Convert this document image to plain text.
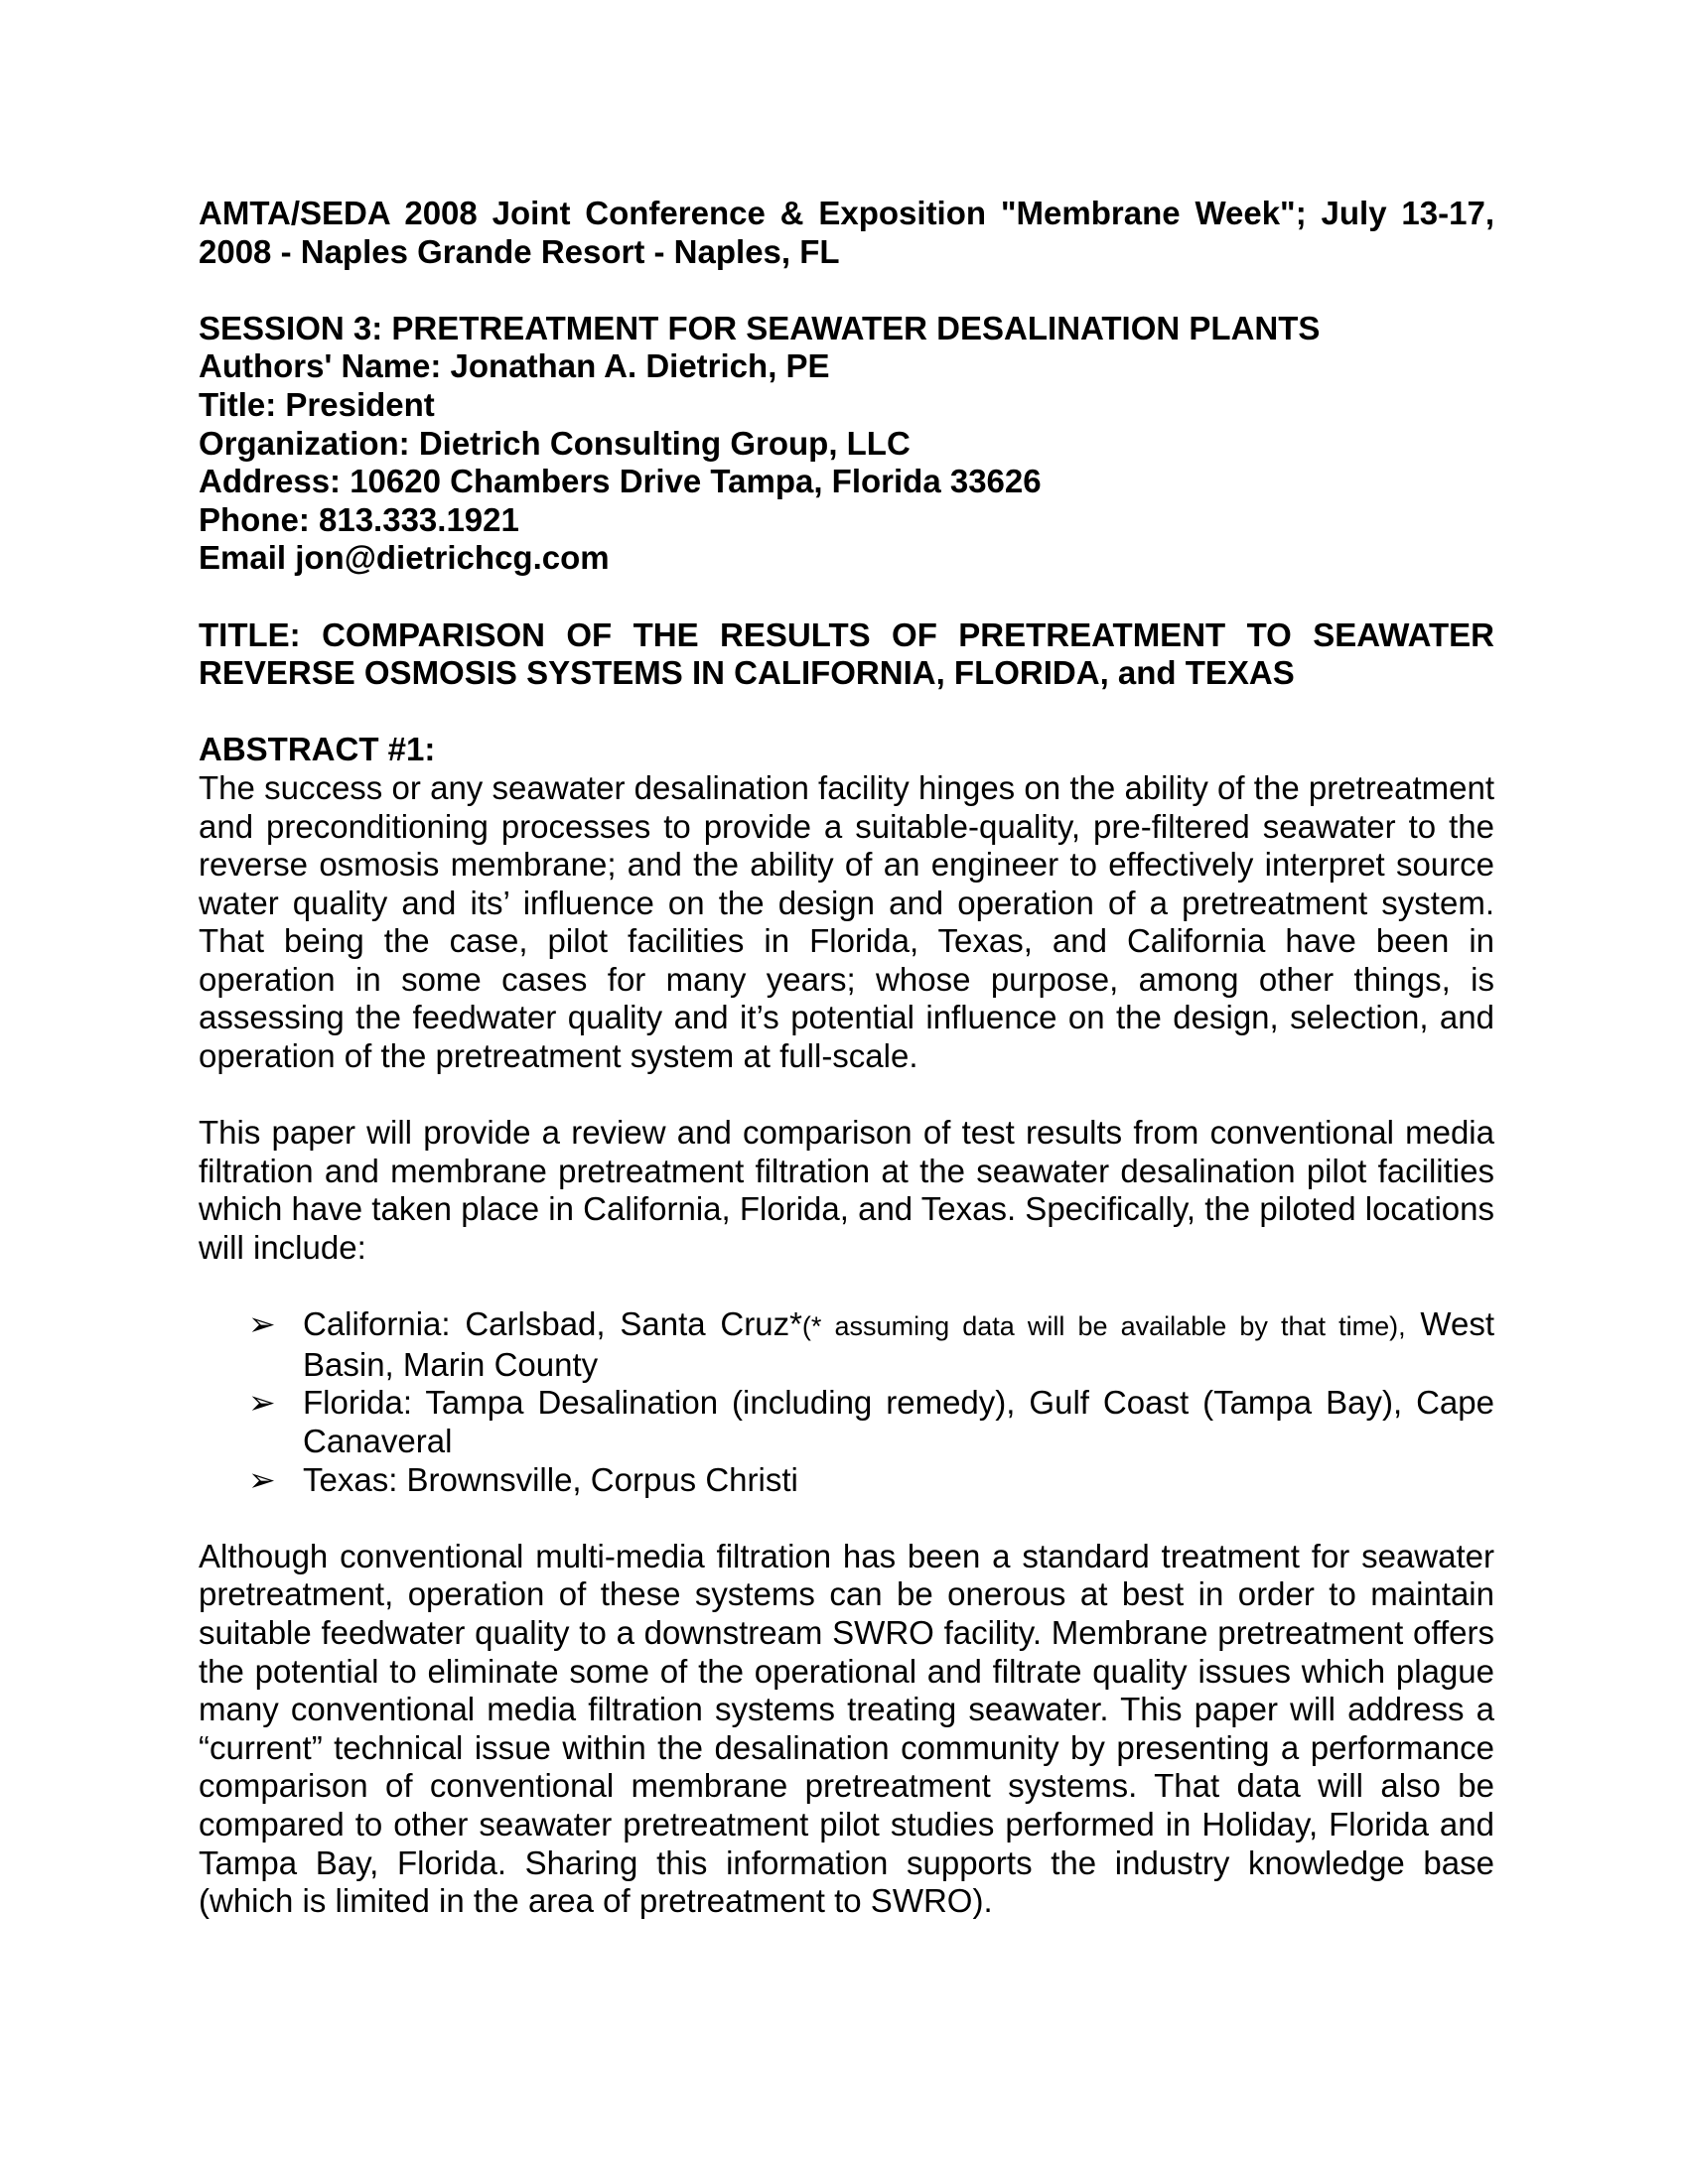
AMTA/SEDA 2008 Joint Conference & Exposition "Membrane Week"; July 13-17, 2008 - Naples Grande Resort - Naples, FL

SESSION 3: PRETREATMENT FOR SEAWATER DESALINATION PLANTS

Authors' Name: Jonathan A. Dietrich, PE

Title: President

Organization: Dietrich Consulting Group, LLC

Address: 10620 Chambers Drive Tampa, Florida 33626

Phone: 813.333.1921

Email jon@dietrichcg.com

TITLE: COMPARISON OF THE RESULTS OF PRETREATMENT TO SEAWATER REVERSE OSMOSIS SYSTEMS IN CALIFORNIA, FLORIDA, and TEXAS

ABSTRACT #1:

The success or any seawater desalination facility hinges on the ability of the pretreatment and preconditioning processes to provide a suitable-quality, pre-filtered seawater to the reverse osmosis membrane; and the ability of an engineer to effectively interpret source water quality and its’ influence on the design and operation of a pretreatment system. That being the case, pilot facilities in Florida, Texas, and California have been in operation in some cases for many years; whose purpose, among other things, is assessing the feedwater quality and it’s potential influence on the design, selection, and operation of the pretreatment system at full-scale.

This paper will provide a review and comparison of test results from conventional media filtration and membrane pretreatment filtration at the seawater desalination pilot facilities which have taken place in California, Florida, and Texas. Specifically, the piloted locations will include:

➢ California: Carlsbad, Santa Cruz*(* assuming data will be available by that time), West Basin, Marin County
➢ Florida: Tampa Desalination (including remedy), Gulf Coast (Tampa Bay), Cape Canaveral
➢ Texas: Brownsville, Corpus Christi

Although conventional multi-media filtration has been a standard treatment for seawater pretreatment, operation of these systems can be onerous at best in order to maintain suitable feedwater quality to a downstream SWRO facility. Membrane pretreatment offers the potential to eliminate some of the operational and filtrate quality issues which plague many conventional media filtration systems treating seawater. This paper will address a “current” technical issue within the desalination community by presenting a performance comparison of conventional membrane pretreatment systems. That data will also be compared to other seawater pretreatment pilot studies performed in Holiday, Florida and Tampa Bay, Florida. Sharing this information supports the industry knowledge base (which is limited in the area of pretreatment to SWRO).
